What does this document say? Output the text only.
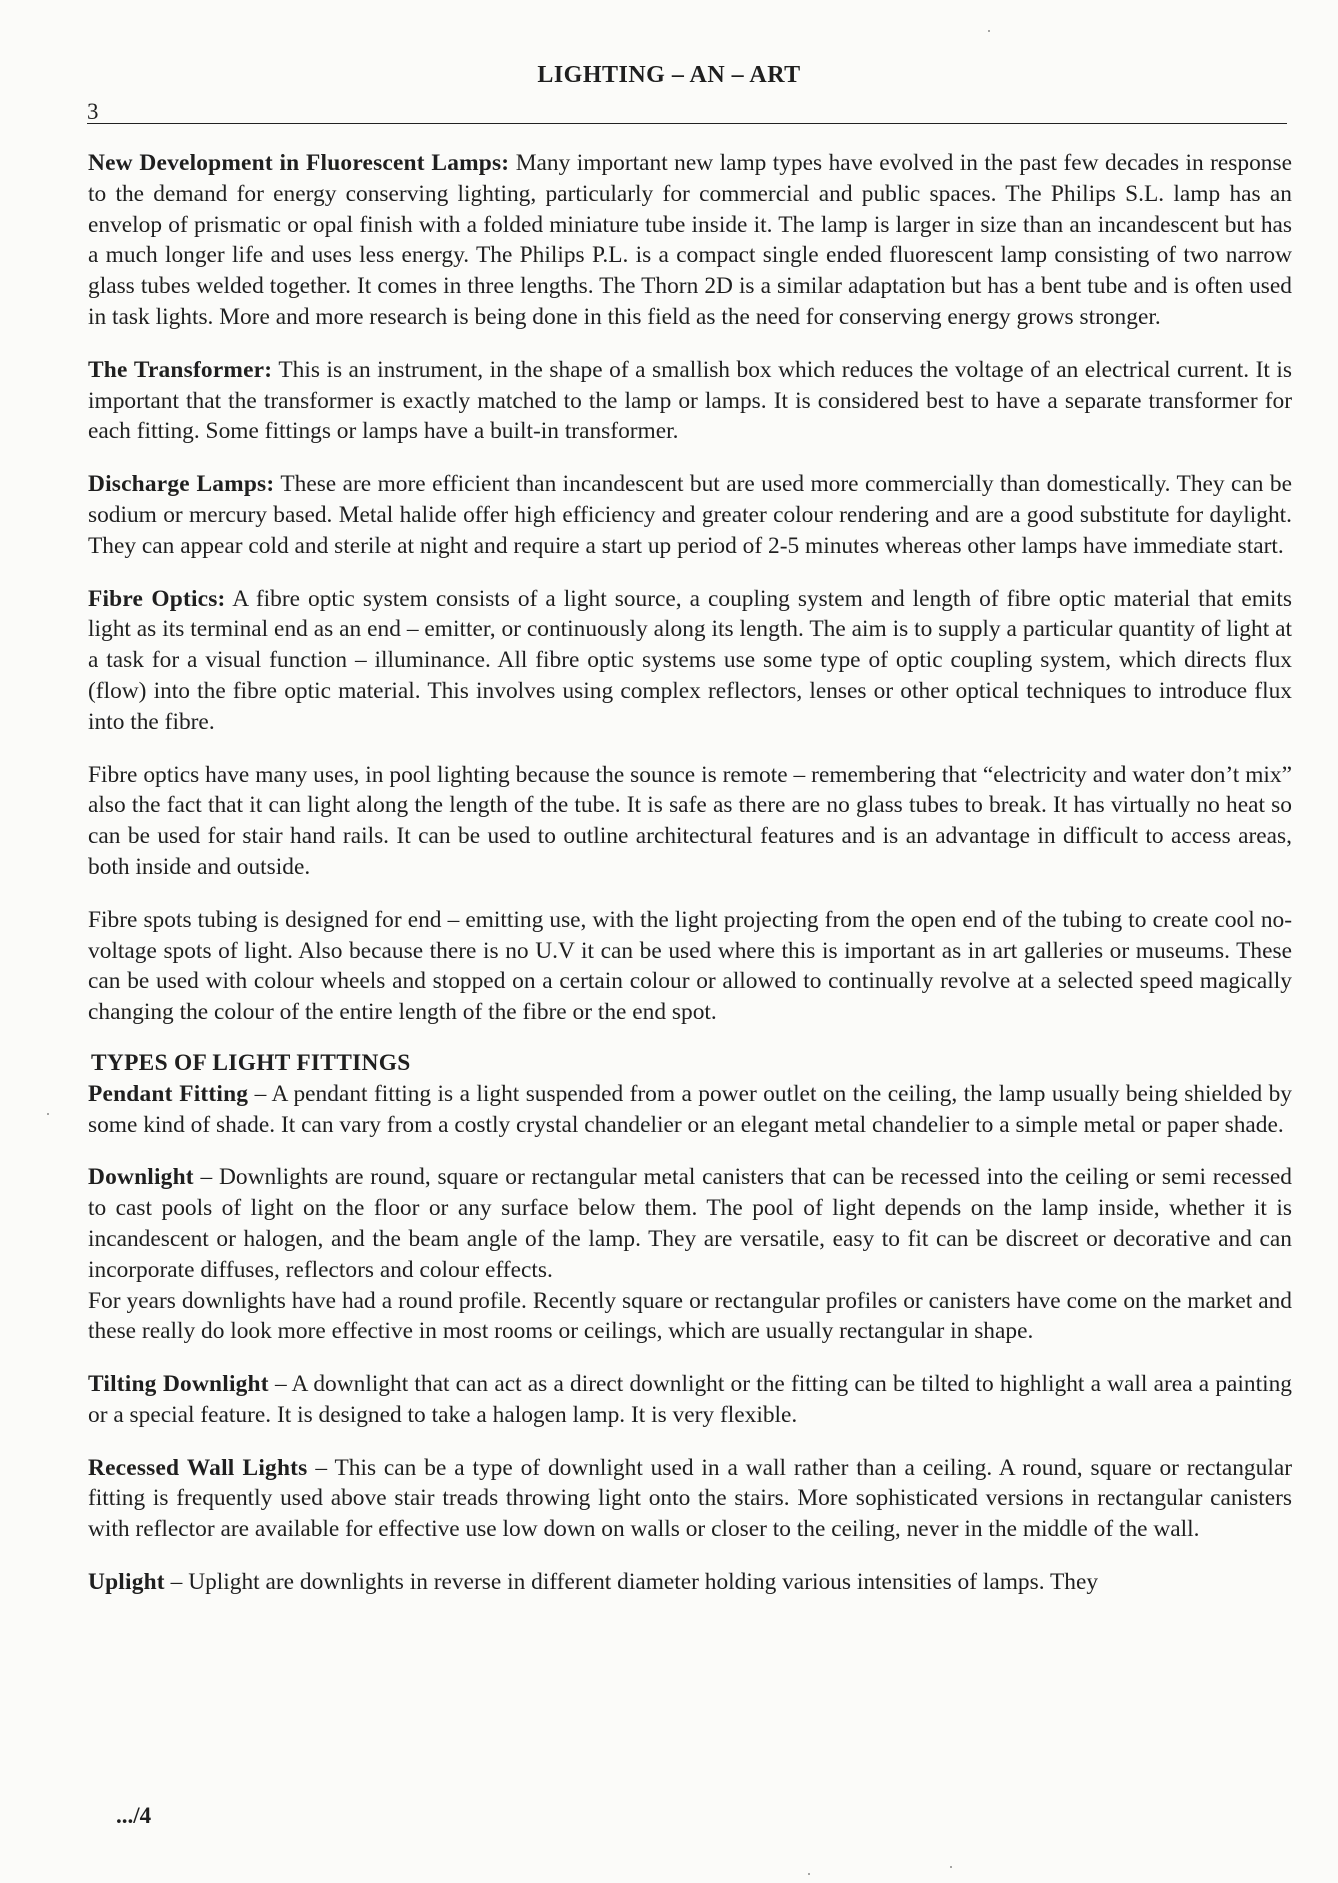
LIGHTING – AN – ART
3

New Development in Fluorescent Lamps: Many important new lamp types have evolved in the past few decades in response to the demand for energy conserving lighting, particularly for commercial and public spaces. The Philips S.L. lamp has an envelop of prismatic or opal finish with a folded miniature tube inside it. The lamp is larger in size than an incandescent but has a much longer life and uses less energy. The Philips P.L. is a compact single ended fluorescent lamp consisting of two narrow glass tubes welded together. It comes in three lengths. The Thorn 2D is a similar adaptation but has a bent tube and is often used in task lights. More and more research is being done in this field as the need for conserving energy grows stronger.

The Transformer: This is an instrument, in the shape of a smallish box which reduces the voltage of an electrical current. It is important that the transformer is exactly matched to the lamp or lamps. It is considered best to have a separate transformer for each fitting. Some fittings or lamps have a built-in transformer.

Discharge Lamps: These are more efficient than incandescent but are used more commercially than domestically. They can be sodium or mercury based. Metal halide offer high efficiency and greater colour rendering and are a good substitute for daylight. They can appear cold and sterile at night and require a start up period of 2-5 minutes whereas other lamps have immediate start.

Fibre Optics: A fibre optic system consists of a light source, a coupling system and length of fibre optic material that emits light as its terminal end as an end – emitter, or continuously along its length. The aim is to supply a particular quantity of light at a task for a visual function – illuminance. All fibre optic systems use some type of optic coupling system, which directs flux (flow) into the fibre optic material. This involves using complex reflectors, lenses or other optical techniques to introduce flux into the fibre.

Fibre optics have many uses, in pool lighting because the sounce is remote – remembering that “electricity and water don’t mix” also the fact that it can light along the length of the tube. It is safe as there are no glass tubes to break. It has virtually no heat so can be used for stair hand rails. It can be used to outline architectural features and is an advantage in difficult to access areas, both inside and outside.

Fibre spots tubing is designed for end – emitting use, with the light projecting from the open end of the tubing to create cool no-voltage spots of light. Also because there is no U.V it can be used where this is important as in art galleries or museums. These can be used with colour wheels and stopped on a certain colour or allowed to continually revolve at a selected speed magically changing the colour of the entire length of the fibre or the end spot.

TYPES OF LIGHT FITTINGS

Pendant Fitting – A pendant fitting is a light suspended from a power outlet on the ceiling, the lamp usually being shielded by some kind of shade. It can vary from a costly crystal chandelier or an elegant metal chandelier to a simple metal or paper shade.

Downlight – Downlights are round, square or rectangular metal canisters that can be recessed into the ceiling or semi recessed to cast pools of light on the floor or any surface below them. The pool of light depends on the lamp inside, whether it is incandescent or halogen, and the beam angle of the lamp. They are versatile, easy to fit can be discreet or decorative and can incorporate diffuses, reflectors and colour effects.

For years downlights have had a round profile. Recently square or rectangular profiles or canisters have come on the market and these really do look more effective in most rooms or ceilings, which are usually rectangular in shape.

Tilting Downlight – A downlight that can act as a direct downlight or the fitting can be tilted to highlight a wall area a painting or a special feature. It is designed to take a halogen lamp. It is very flexible.

Recessed Wall Lights – This can be a type of downlight used in a wall rather than a ceiling. A round, square or rectangular fitting is frequently used above stair treads throwing light onto the stairs. More sophisticated versions in rectangular canisters with reflector are available for effective use low down on walls or closer to the ceiling, never in the middle of the wall.

Uplight – Uplight are downlights in reverse in different diameter holding various intensities of lamps. They

.../4
